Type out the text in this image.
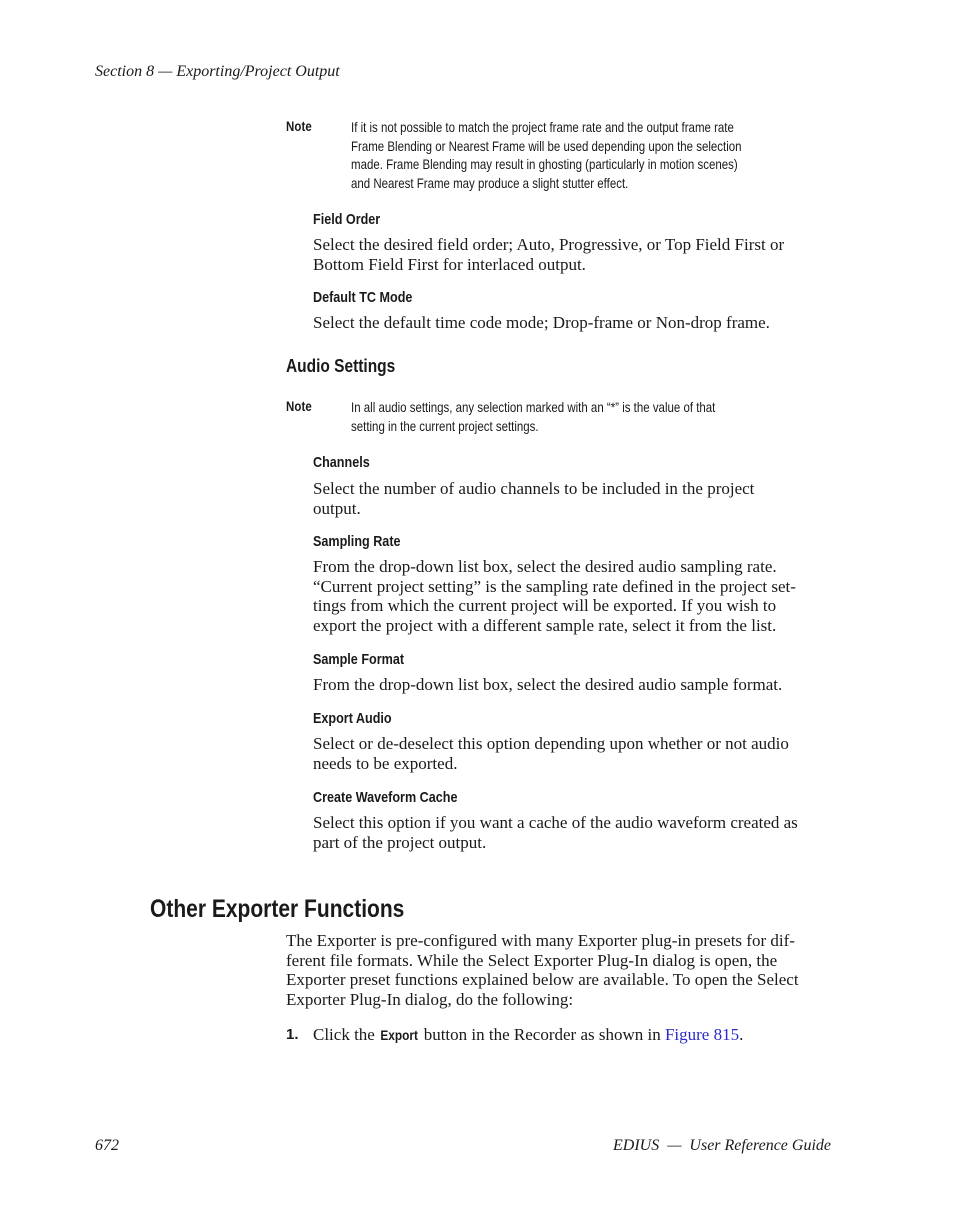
Section 8 — Exporting/Project Output
Note	If it is not possible to match the project frame rate and the output frame rate
Frame Blending or Nearest Frame will be used depending upon the selection
made. Frame Blending may result in ghosting (particularly in motion scenes)
and Nearest Frame may produce a slight stutter effect.
Field Order
Select the desired field order; Auto, Progressive, or Top Field First or
Bottom Field First for interlaced output.
Default TC Mode
Select the default time code mode; Drop-frame or Non-drop frame.
Audio Settings
Note	In all audio settings, any selection marked with an “*” is the value of that
setting in the current project settings.
Channels
Select the number of audio channels to be included in the project
output.
Sampling Rate
From the drop-down list box, select the desired audio sampling rate.
“Current project setting” is the sampling rate defined in the project set-
tings from which the current project will be exported. If you wish to
export the project with a different sample rate, select it from the list.
Sample Format
From the drop-down list box, select the desired audio sample format.
Export Audio
Select or de-deselect this option depending upon whether or not audio
needs to be exported.
Create Waveform Cache
Select this option if you want a cache of the audio waveform created as
part of the project output.
Other Exporter Functions
The Exporter is pre-configured with many Exporter plug-in presets for dif-
ferent file formats. While the Select Exporter Plug-In dialog is open, the
Exporter preset functions explained below are available. To open the Select
Exporter Plug-In dialog, do the following:
1. Click the Export button in the Recorder as shown in Figure 815.
672	EDIUS  —  User Reference Guide
